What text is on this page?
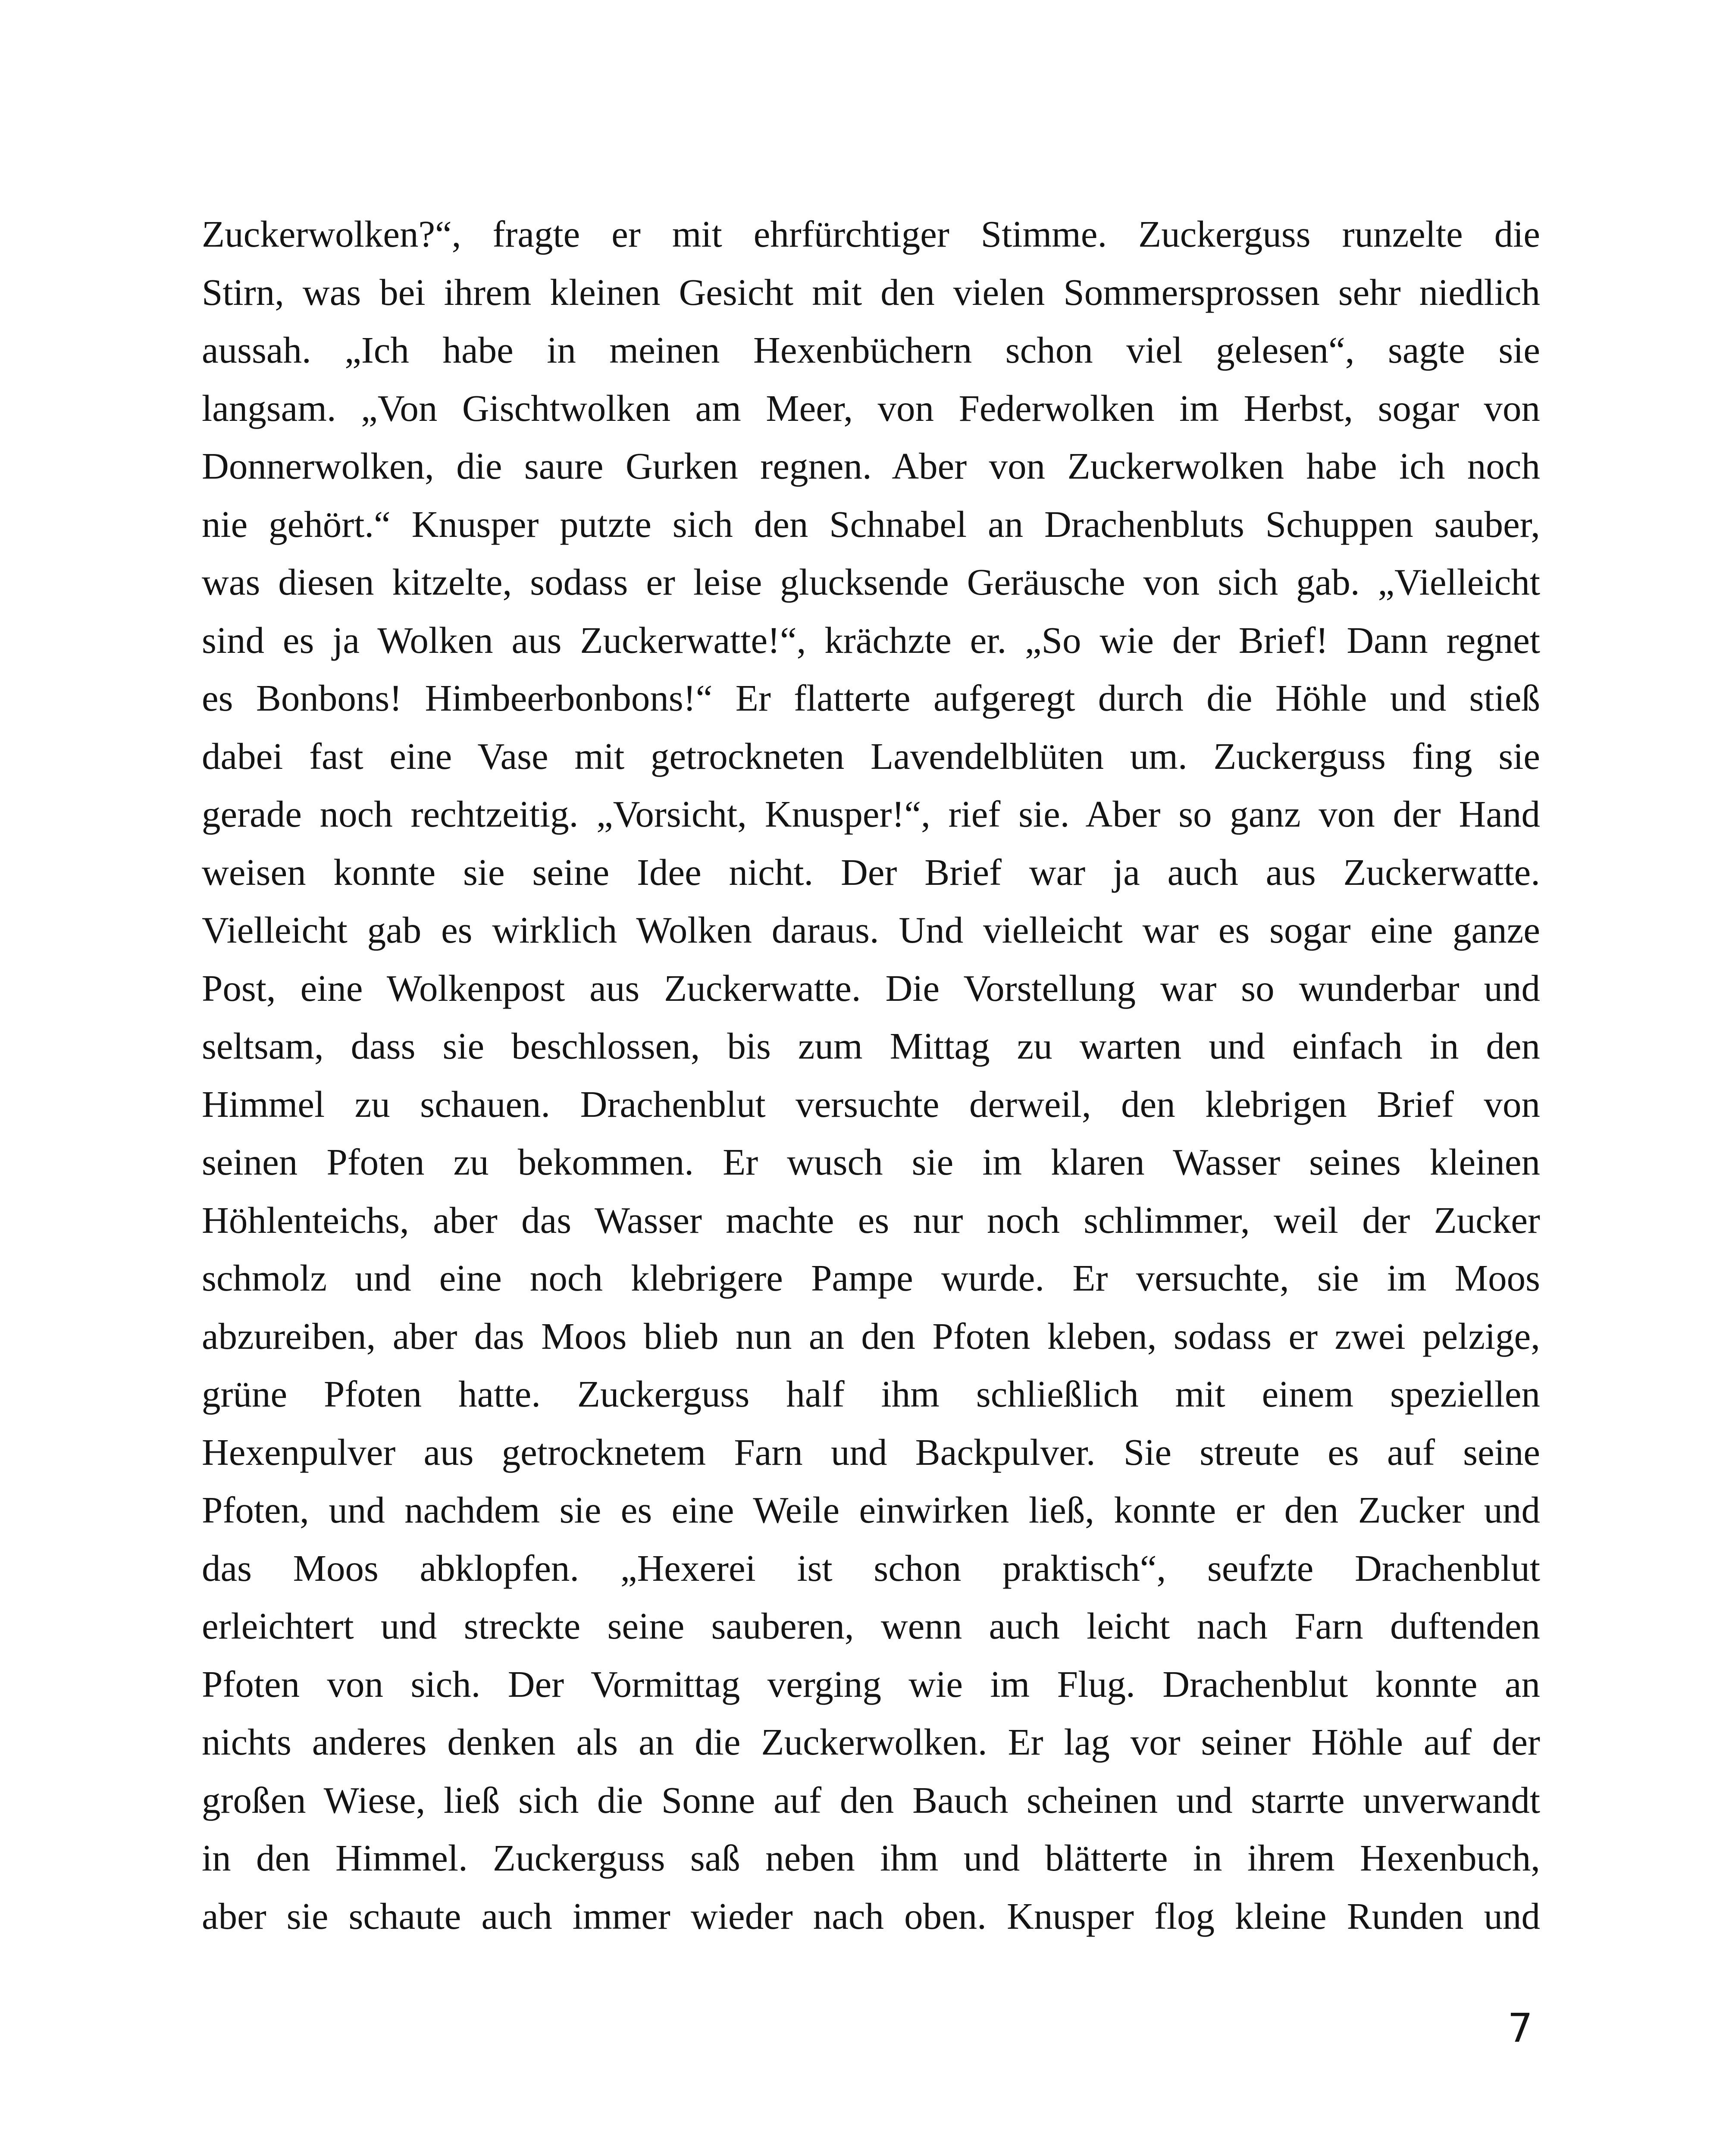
Zuckerwolken?“, fragte er mit ehrfürchtiger Stimme. Zuckerguss runzelte die
Stirn, was bei ihrem kleinen Gesicht mit den vielen Sommersprossen sehr niedlich
aussah. „Ich habe in meinen Hexenbüchern schon viel gelesen“, sagte sie
langsam. „Von Gischtwolken am Meer, von Federwolken im Herbst, sogar von
Donnerwolken, die saure Gurken regnen. Aber von Zuckerwolken habe ich noch
nie gehört.“ Knusper putzte sich den Schnabel an Drachenbluts Schuppen sauber,
was diesen kitzelte, sodass er leise glucksende Geräusche von sich gab. „Vielleicht
sind es ja Wolken aus Zuckerwatte!“, krächzte er. „So wie der Brief! Dann regnet
es Bonbons! Himbeerbonbons!“ Er flatterte aufgeregt durch die Höhle und stieß
dabei fast eine Vase mit getrockneten Lavendelblüten um. Zuckerguss fing sie
gerade noch rechtzeitig. „Vorsicht, Knusper!“, rief sie. Aber so ganz von der Hand
weisen konnte sie seine Idee nicht. Der Brief war ja auch aus Zuckerwatte.
Vielleicht gab es wirklich Wolken daraus. Und vielleicht war es sogar eine ganze
Post, eine Wolkenpost aus Zuckerwatte. Die Vorstellung war so wunderbar und
seltsam, dass sie beschlossen, bis zum Mittag zu warten und einfach in den
Himmel zu schauen. Drachenblut versuchte derweil, den klebrigen Brief von
seinen Pfoten zu bekommen. Er wusch sie im klaren Wasser seines kleinen
Höhlenteichs, aber das Wasser machte es nur noch schlimmer, weil der Zucker
schmolz und eine noch klebrigere Pampe wurde. Er versuchte, sie im Moos
abzureiben, aber das Moos blieb nun an den Pfoten kleben, sodass er zwei pelzige,
grüne Pfoten hatte. Zuckerguss half ihm schließlich mit einem speziellen
Hexenpulver aus getrocknetem Farn und Backpulver. Sie streute es auf seine
Pfoten, und nachdem sie es eine Weile einwirken ließ, konnte er den Zucker und
das Moos abklopfen. „Hexerei ist schon praktisch“, seufzte Drachenblut
erleichtert und streckte seine sauberen, wenn auch leicht nach Farn duftenden
Pfoten von sich. Der Vormittag verging wie im Flug. Drachenblut konnte an
nichts anderes denken als an die Zuckerwolken. Er lag vor seiner Höhle auf der
großen Wiese, ließ sich die Sonne auf den Bauch scheinen und starrte unverwandt
in den Himmel. Zuckerguss saß neben ihm und blätterte in ihrem Hexenbuch,
aber sie schaute auch immer wieder nach oben. Knusper flog kleine Runden und
7
